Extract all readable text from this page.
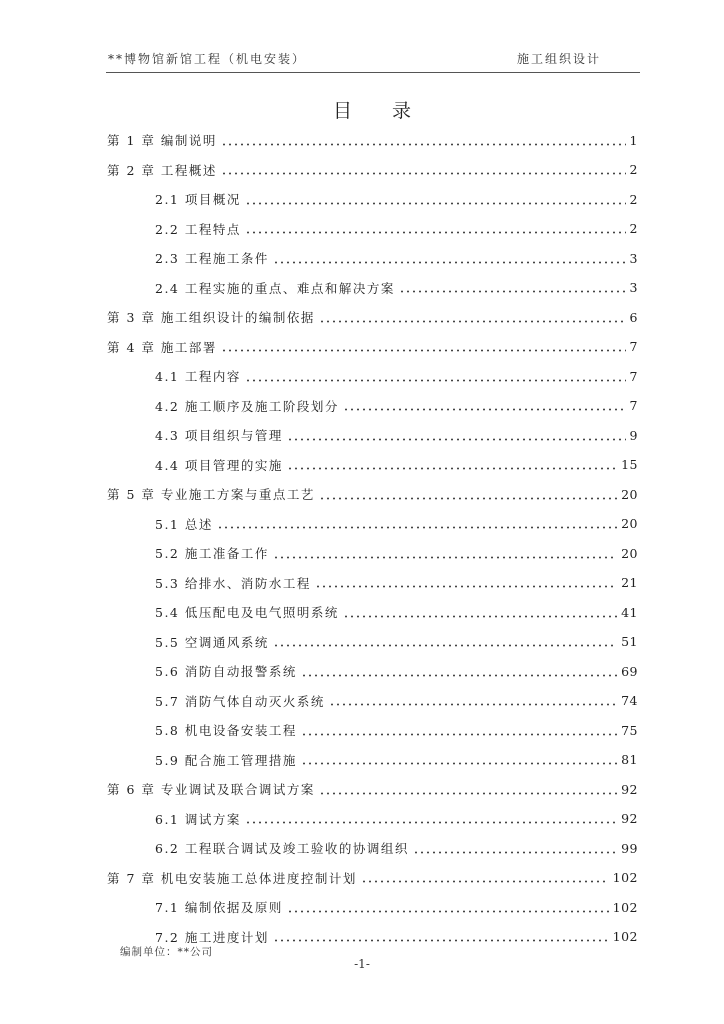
**博物馆新馆工程（机电安装）	施工组织设计
目录
第 1 章 编制说明	1
第 2 章 工程概述	2
2.1 项目概况	2
2.2 工程特点	2
2.3 工程施工条件	3
2.4 工程实施的重点、难点和解决方案	3
第 3 章 施工组织设计的编制依据	6
第 4 章 施工部署	7
4.1 工程内容	7
4.2 施工顺序及施工阶段划分	7
4.3 项目组织与管理	9
4.4 项目管理的实施	15
第 5 章 专业施工方案与重点工艺	20
5.1 总述	20
5.2 施工准备工作	20
5.3 给排水、消防水工程	21
5.4 低压配电及电气照明系统	41
5.5 空调通风系统	51
5.6 消防自动报警系统	69
5.7 消防气体自动灭火系统	74
5.8 机电设备安装工程	75
5.9 配合施工管理措施	81
第 6 章 专业调试及联合调试方案	92
6.1 调试方案	92
6.2 工程联合调试及竣工验收的协调组织	99
第 7 章 机电安装施工总体进度控制计划	102
7.1 编制依据及原则	102
7.2 施工进度计划	102
编制单位：**公司
-1-
